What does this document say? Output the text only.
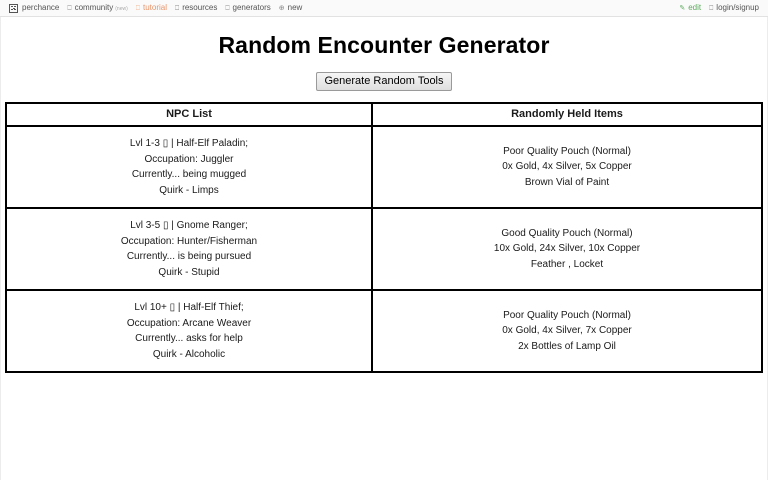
perchance ⎕ community (new) ⎕ tutorial ⎕ resources ⎕ generators ⊕ new	✎ edit ⎕ login/signup
Random Encounter Generator
Generate Random Tools
NPC List	Randomly Held Items

Lvl 1-3 ▯ | Half-Elf Paladin;
Occupation: Juggler
Currently... being mugged
Quirk - Limps	Poor Quality Pouch (Normal)
0x Gold, 4x Silver, 5x Copper
Brown Vial of Paint

Lvl 3-5 ▯ | Gnome Ranger;
Occupation: Hunter/Fisherman
Currently... is being pursued
Quirk - Stupid	Good Quality Pouch (Normal)
10x Gold, 24x Silver, 10x Copper
Feather , Locket

Lvl 10+ ▯ | Half-Elf Thief;
Occupation: Arcane Weaver
Currently... asks for help
Quirk - Alcoholic	Poor Quality Pouch (Normal)
0x Gold, 4x Silver, 7x Copper
2x Bottles of Lamp Oil
